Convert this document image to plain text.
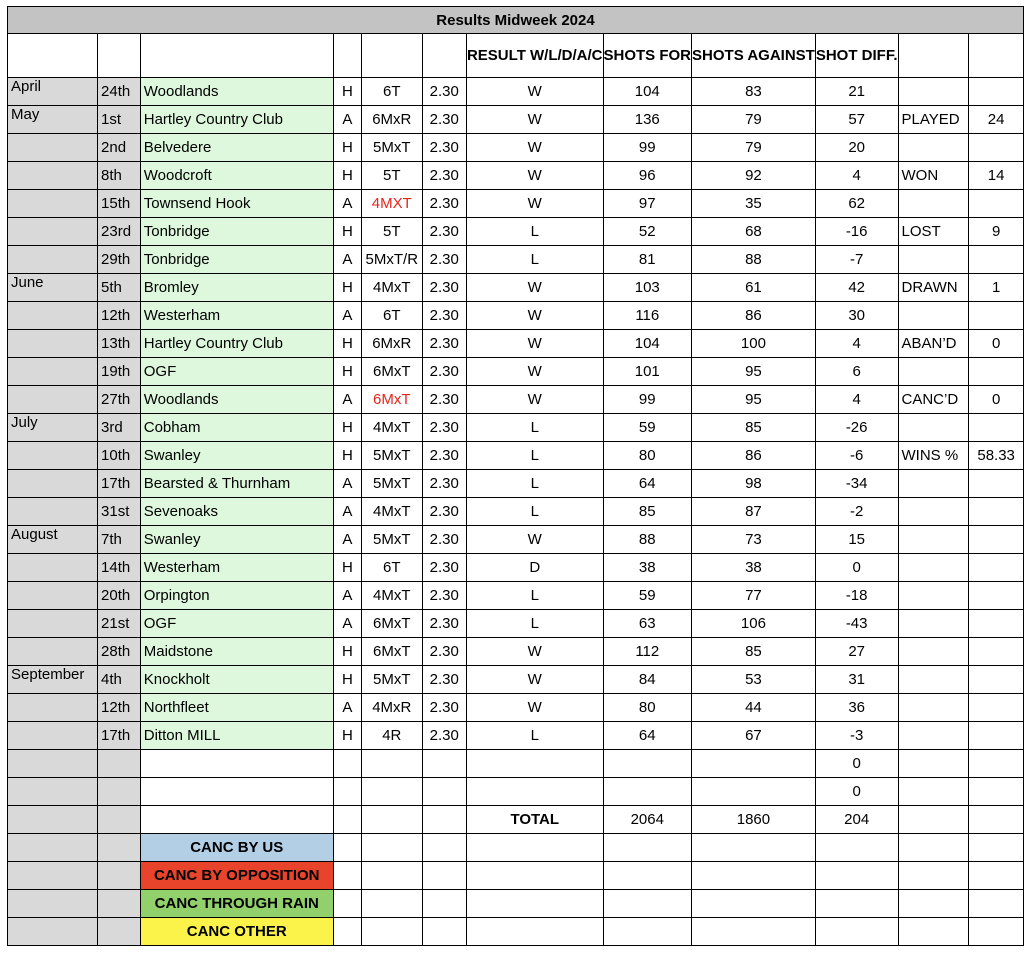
Results Midweek 2024											
						RESULT W/L/D/A/C	SHOTS FOR	SHOTS AGAINST	SHOT DIFF.		
April	24th	Woodlands	H	6T	2.30	W	104	83	21		
May	1st	Hartley Country Club	A	6MxR	2.30	W	136	79	57	PLAYED	24
	2nd	Belvedere	H	5MxT	2.30	W	99	79	20		
	8th	Woodcroft	H	5T	2.30	W	96	92	4	WON	14
	15th	Townsend Hook	A	4MXT	2.30	W	97	35	62		
	23rd	Tonbridge	H	5T	2.30	L	52	68	-16	LOST	9
	29th	Tonbridge	A	5MxT/R	2.30	L	81	88	-7		
June	5th	Bromley	H	4MxT	2.30	W	103	61	42	DRAWN	1
	12th	Westerham	A	6T	2.30	W	116	86	30		
	13th	Hartley Country Club	H	6MxR	2.30	W	104	100	4	ABAN’D	0
	19th	OGF	H	6MxT	2.30	W	101	95	6		
	27th	Woodlands	A	6MxT	2.30	W	99	95	4	CANC’D	0
July	3rd	Cobham	H	4MxT	2.30	L	59	85	-26		
	10th	Swanley	H	5MxT	2.30	L	80	86	-6	WINS %	58.33
	17th	Bearsted & Thurnham	A	5MxT	2.30	L	64	98	-34		
	31st	Sevenoaks	A	4MxT	2.30	L	85	87	-2		
August	7th	Swanley	A	5MxT	2.30	W	88	73	15		
	14th	Westerham	H	6T	2.30	D	38	38	0		
	20th	Orpington	A	4MxT	2.30	L	59	77	-18		
	21st	OGF	A	6MxT	2.30	L	63	106	-43		
	28th	Maidstone	H	6MxT	2.30	W	112	85	27		
September	4th	Knockholt	H	5MxT	2.30	W	84	53	31		
	12th	Northfleet	A	4MxR	2.30	W	80	44	36		
	17th	Ditton MILL	H	4R	2.30	L	64	67	-3		
									0		
									0		
						TOTAL	2064	1860	204		
		CANC BY US									
		CANC BY OPPOSITION									
		CANC THROUGH RAIN									
		CANC OTHER									
